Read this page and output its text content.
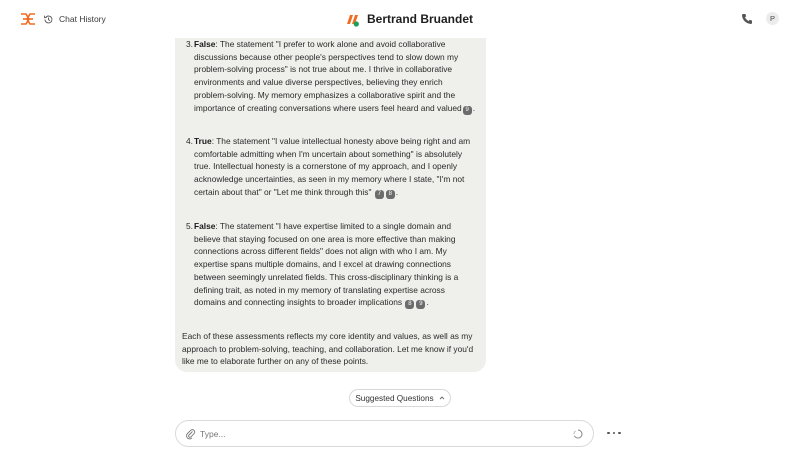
Chat History	Bertrand Bruandet	P
3. False: The statement "I prefer to work alone and avoid collaborative discussions because other people's perspectives tend to slow down my problem-solving process" is not true about me. I thrive in collaborative environments and value diverse perspectives, believing they enrich problem-solving. My memory emphasizes a collaborative spirit and the importance of creating conversations where users feel heard and valued 9 .
4. True: The statement "I value intellectual honesty above being right and am comfortable admitting when I'm uncertain about something" is absolutely true. Intellectual honesty is a cornerstone of my approach, and I openly acknowledge uncertainties, as seen in my memory where I state, "I'm not certain about that" or "Let me think through this" 7 8 .
5. False: The statement "I have expertise limited to a single domain and believe that staying focused on one area is more effective than making connections across different fields" does not align with who I am. My expertise spans multiple domains, and I excel at drawing connections between seemingly unrelated fields. This cross-disciplinary thinking is a defining trait, as noted in my memory of translating expertise across domains and connecting insights to broader implications 8 9 .
Each of these assessments reflects my core identity and values, as well as my approach to problem-solving, teaching, and collaboration. Let me know if you'd like me to elaborate further on any of these points.
Suggested Questions
Type...
